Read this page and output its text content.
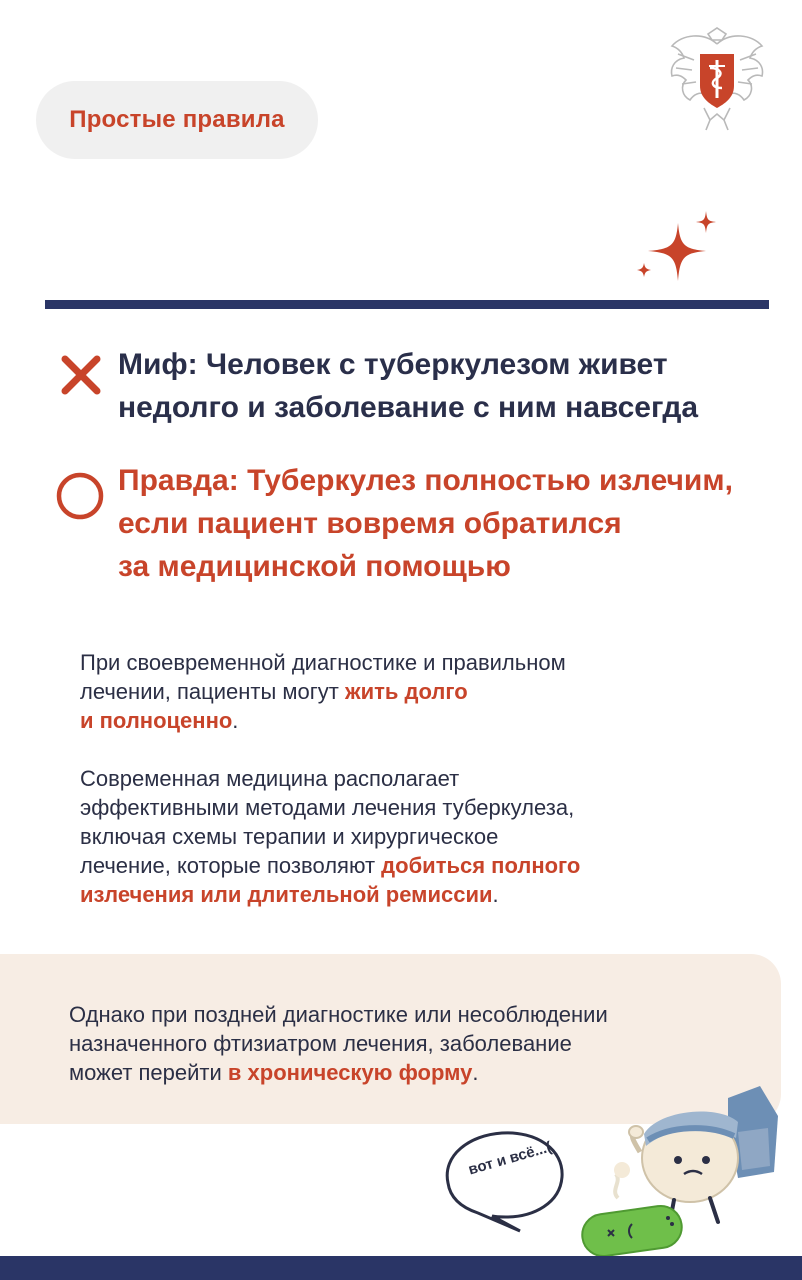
Простые правила
Миф: Человек с туберкулезом живет
недолго и заболевание с ним навсегда
Правда: Туберкулез полностью излечим,
если пациент вовремя обратился
за медицинской помощью
При своевременной диагностике и правильном
лечении, пациенты могут жить долго
и полноценно.
Современная медицина располагает
эффективными методами лечения туберкулеза,
включая схемы терапии и хирургическое
лечение, которые позволяют добиться полного
излечения или длительной ремиссии.
Однако при поздней диагностике или несоблюдении
назначенного фтизиатром лечения, заболевание
может перейти в хроническую форму.
вот и всё...(
